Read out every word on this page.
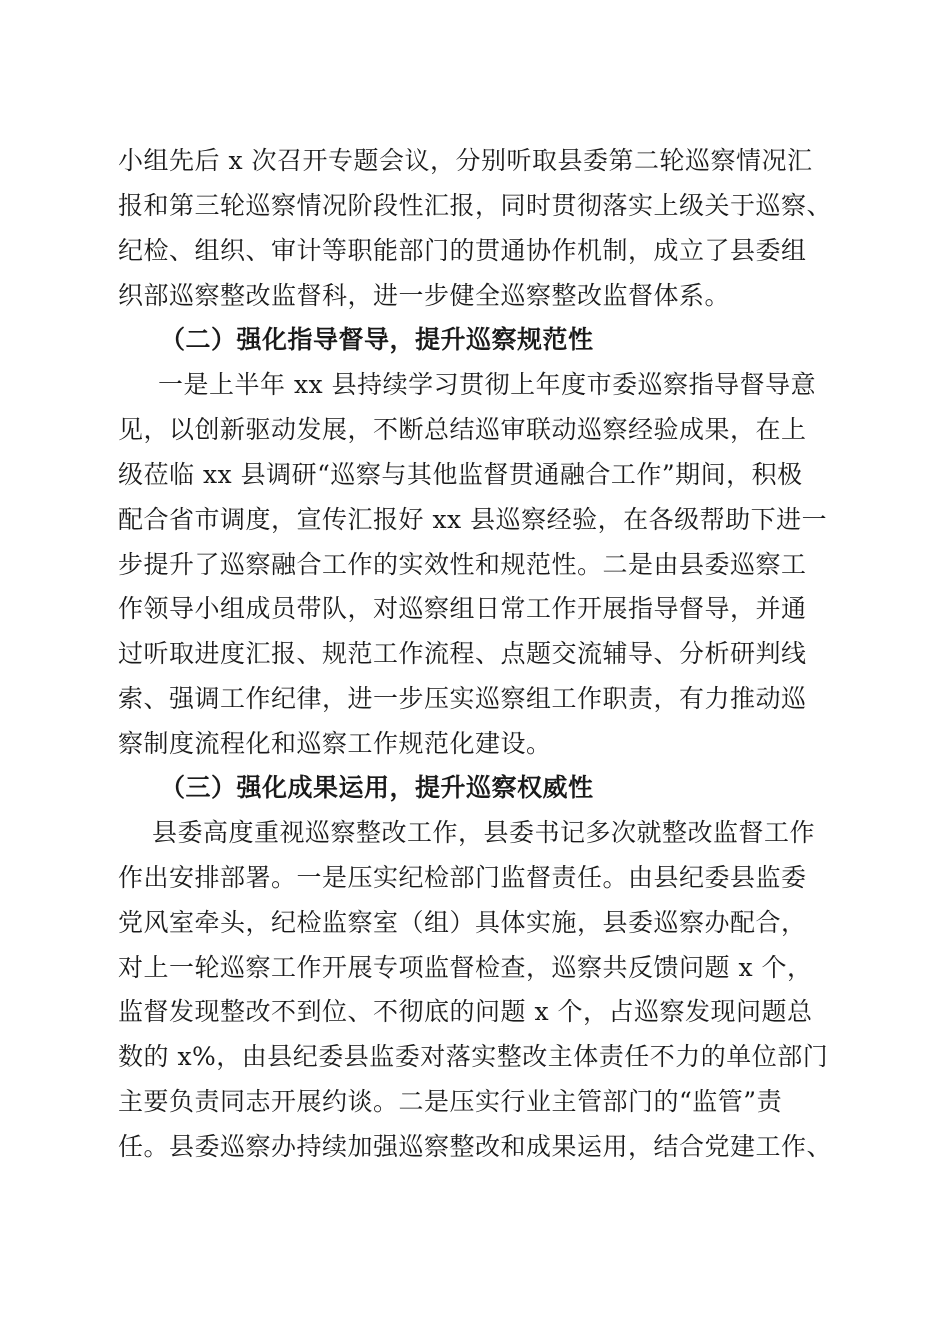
小组先后 x 次召开专题会议，分别听取县委第二轮巡察情况汇
报和第三轮巡察情况阶段性汇报，同时贯彻落实上级关于巡察、
纪检、组织、审计等职能部门的贯通协作机制，成立了县委组
织部巡察整改监督科，进一步健全巡察整改监督体系。
（二）强化指导督导，提升巡察规范性
一是上半年 xx 县持续学习贯彻上年度市委巡察指导督导意
见，以创新驱动发展，不断总结巡审联动巡察经验成果，在上
级莅临 xx 县调研“巡察与其他监督贯通融合工作”期间，积极
配合省市调度，宣传汇报好 xx 县巡察经验，在各级帮助下进一
步提升了巡察融合工作的实效性和规范性。二是由县委巡察工
作领导小组成员带队，对巡察组日常工作开展指导督导，并通
过听取进度汇报、规范工作流程、点题交流辅导、分析研判线
索、强调工作纪律，进一步压实巡察组工作职责，有力推动巡
察制度流程化和巡察工作规范化建设。
（三）强化成果运用，提升巡察权威性
县委高度重视巡察整改工作，县委书记多次就整改监督工作
作出安排部署。一是压实纪检部门监督责任。由县纪委县监委
党风室牵头，纪检监察室（组）具体实施，县委巡察办配合，
对上一轮巡察工作开展专项监督检查，巡察共反馈问题 x 个，
监督发现整改不到位、不彻底的问题 x 个，占巡察发现问题总
数的 x%，由县纪委县监委对落实整改主体责任不力的单位部门
主要负责同志开展约谈。二是压实行业主管部门的“监管”责
任。县委巡察办持续加强巡察整改和成果运用，结合党建工作、
